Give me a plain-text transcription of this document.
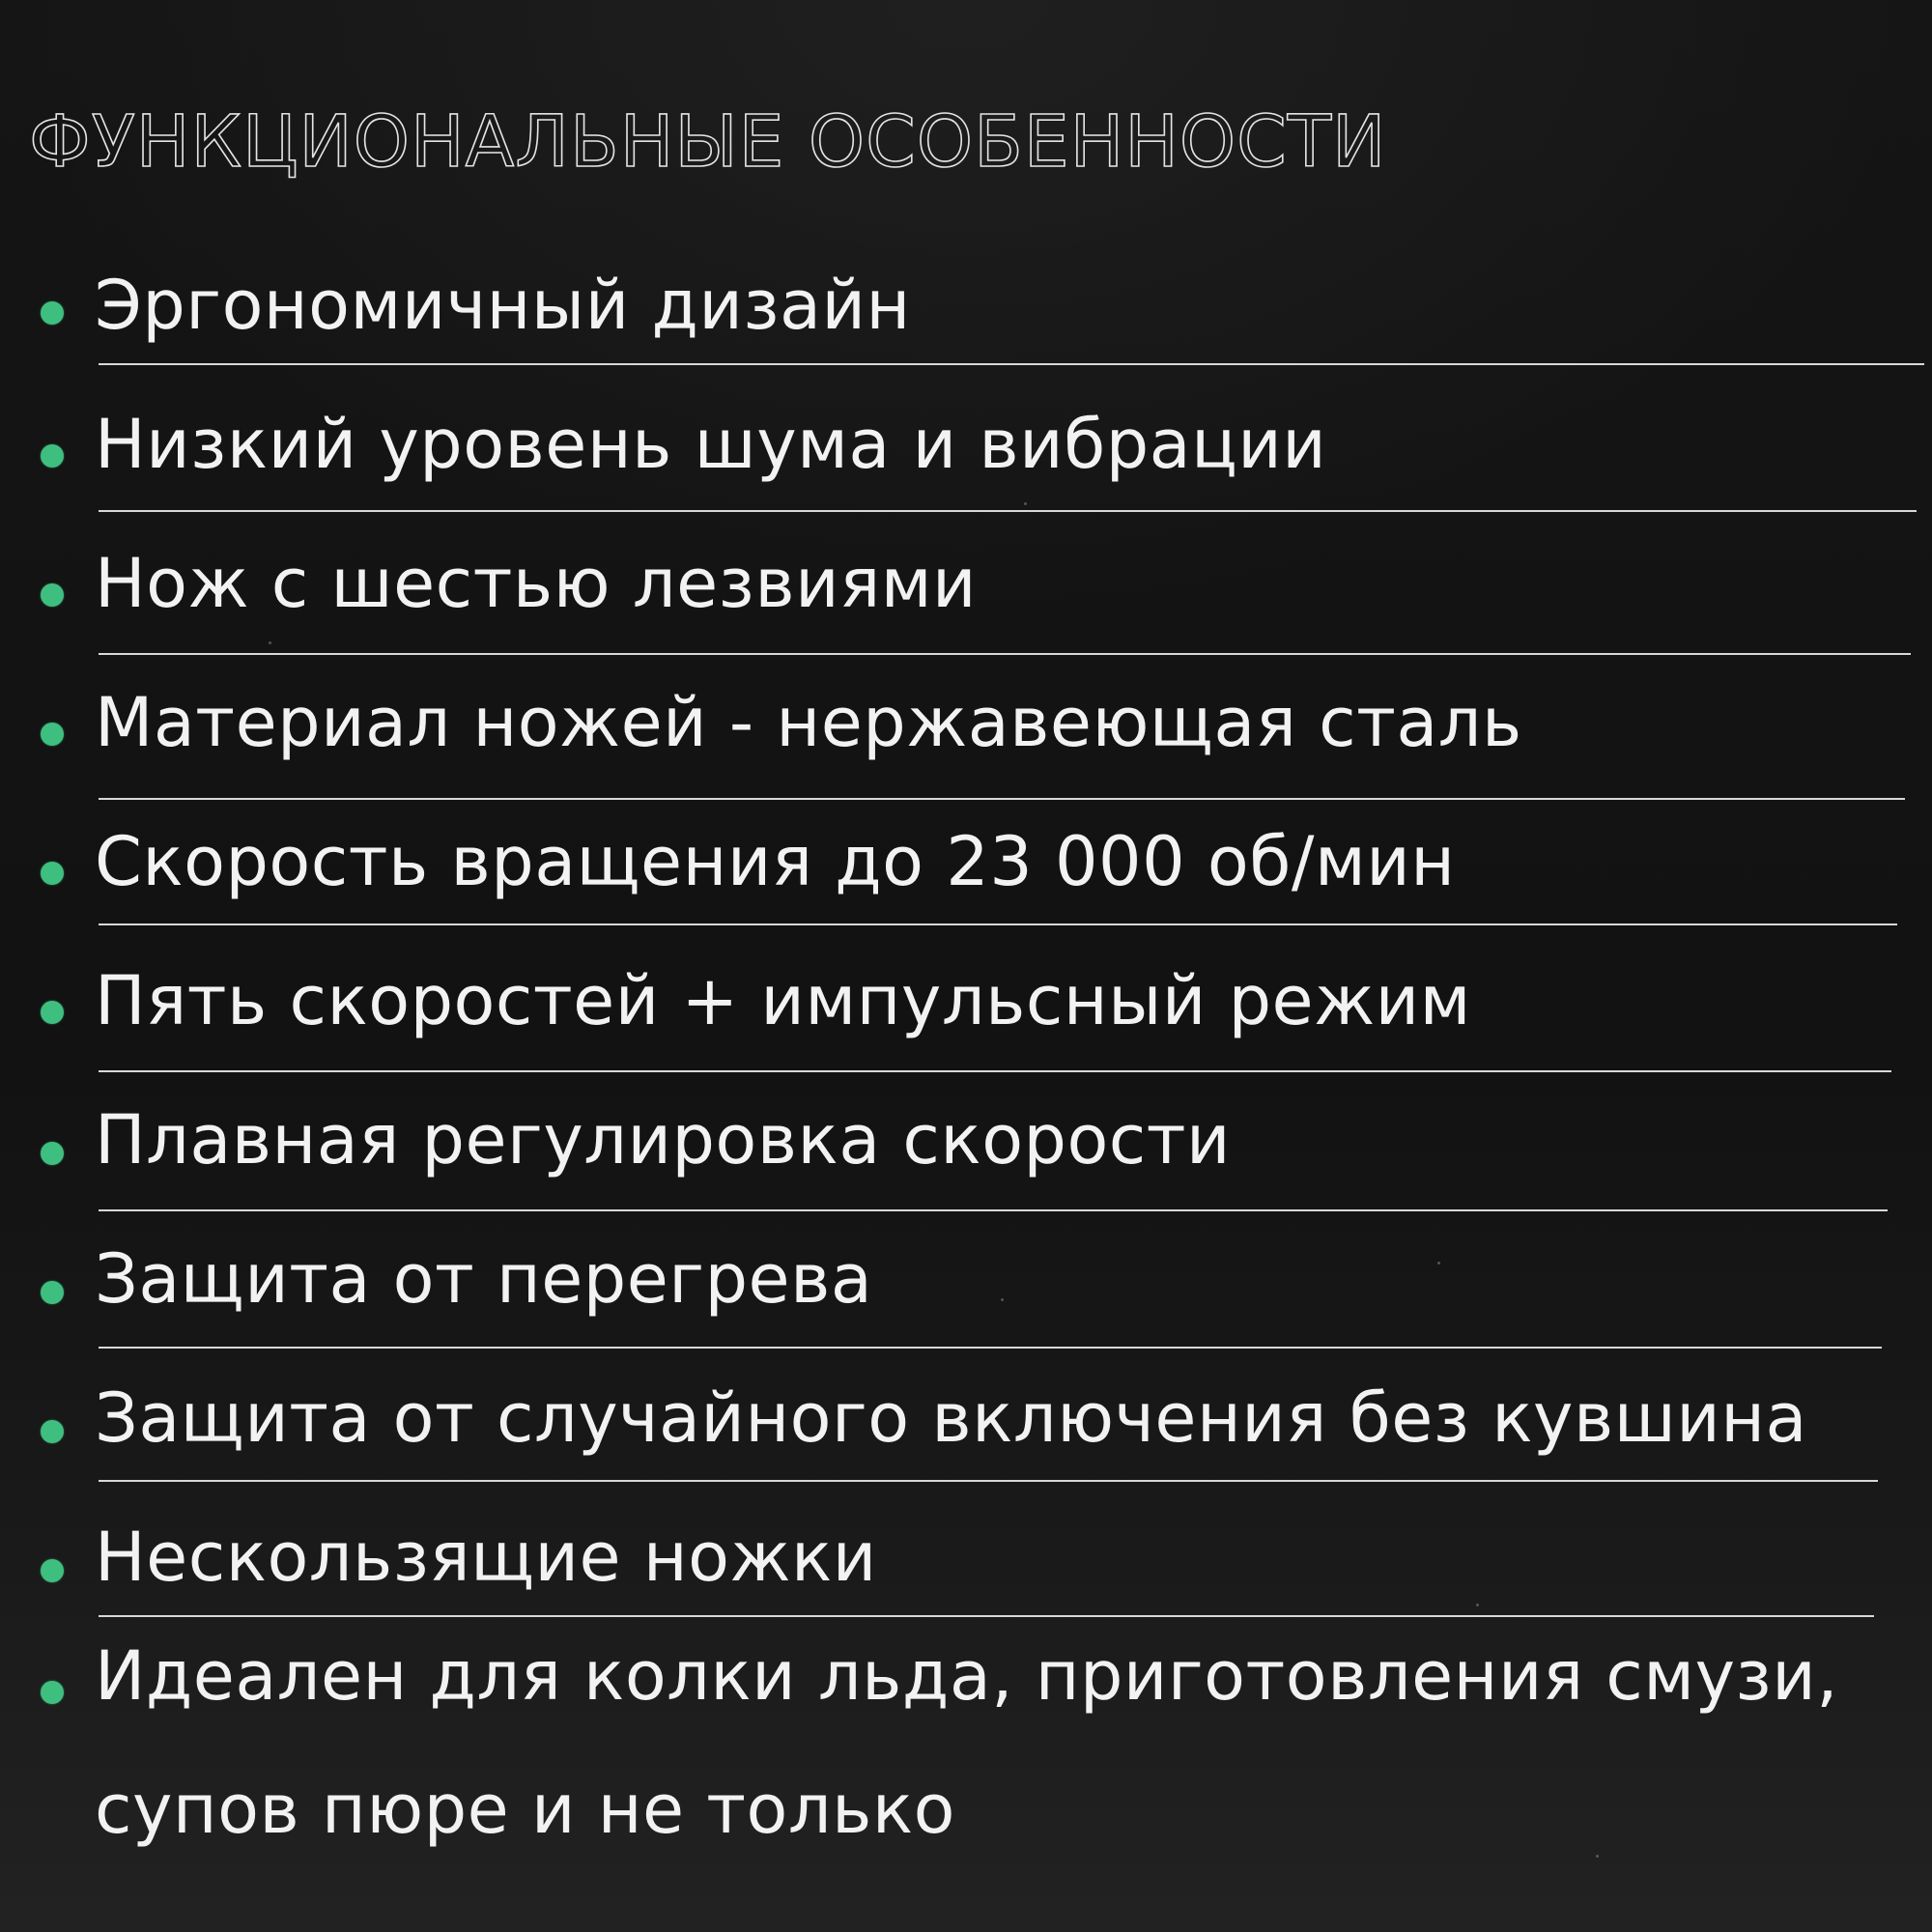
ФУНКЦИОНАЛЬНЫЕ ОСОБЕННОСТИ
Эргономичный дизайн
Низкий уровень шума и вибрации
Нож с шестью лезвиями
Материал ножей - нержавеющая сталь
Скорость вращения до 23 000 об/мин
Пять скоростей + импульсный режим
Плавная регулировка скорости
Защита от перегрева
Защита от случайного включения без кувшина
Нескользящие ножки
Идеален для колки льда, приготовления смузи, супов пюре и не только
